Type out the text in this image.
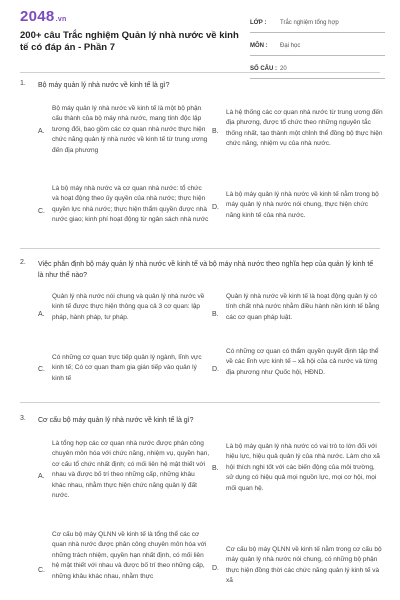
2048.vn
200+ câu Trắc nghiệm Quản lý nhà nước về kinh tế có đáp án - Phần 7
LỚP :	Trắc nghiệm tổng hợp
MÔN :	Đại học
SỐ CÂU : 20
1. Bộ máy quản lý nhà nước về kinh tế là gì?
A.
Bộ máy quản lý nhà nước về kinh tế là một bộ phận cấu thành của bộ máy nhà nước, mang tính độc lập tương đối, bao gồm các cơ quan nhà nước thực hiện chức năng quản lý nhà nước về kinh tế từ trung ương đến địa phương
B.
Là hệ thống các cơ quan nhà nước từ trung ương đến địa phương, được tổ chức theo những nguyên tắc thống nhất, tạo thành một chỉnh thể đồng bộ thực hiện chức năng, nhiệm vụ của nhà nước.
C.
Là bộ máy nhà nước và cơ quan nhà nước: tổ chức và hoạt động theo ủy quyền của nhà nước; thực hiện quyền lực nhà nước; thực hiện thẩm quyền được nhà nước giao; kinh phí hoạt động từ ngân sách nhà nước
D.
Là bộ máy quản lý nhà nước về kinh tế nằm trong bộ máy quản lý nhà nước nói chung, thực hiện chức năng kinh tế của nhà nước.
2. Việc phân định bộ máy quản lý nhà nước về kinh tế và bộ máy nhà nước theo nghĩa hẹp của quản lý kinh tế là như thế nào?
A.
Quản lý nhà nước nói chung và quản lý nhà nước về kinh tế được thực hiện thông qua cả 3 cơ quan: lập pháp, hành pháp, tư pháp.	B.
Quản lý nhà nước về kinh tế là hoạt động quản lý có tính chất nhà nước nhằm điều hành nền kinh tế bằng các cơ quan pháp luật.
C.
Có những cơ quan trực tiếp quản lý ngành, lĩnh vực kinh tế; Có cơ quan tham gia gián tiếp vào quản lý kinh tế
D.
Có những cơ quan có thẩm quyền quyết định tập thể về các lĩnh vực kinh tế – xã hội của cả nước và từng địa phương như Quốc hội, HĐND.
3. Cơ cấu bộ máy quản lý nhà nước về kinh tế là gì?
A.
Là tổng hợp các cơ quan nhà nước được phân công chuyên môn hóa với chức năng, nhiệm vụ, quyền hạn, cơ cấu tổ chức nhất định; có mối liên hệ mật thiết với nhau và được bố trí theo những cấp, những khâu khác nhau, nhằm thực hiện chức năng quản lý đất nước.
B.
Là bộ máy quản lý nhà nước có vai trò to lớn đối với hiệu lực, hiệu quả quản lý của nhà nước. Làm cho xã hội thích nghi tốt với các biến động của môi trường, sử dụng có hiệu quả mọi nguồn lực, mọi cơ hội, mọi mối quan hệ.
C.
Cơ cấu bộ máy QLNN về kinh tế là tổng thể các cơ quan nhà nước được phân công chuyên môn hóa với những trách nhiệm, quyền hạn nhất định, có mối liên hệ mật thiết với nhau và được bố trí theo những cấp, những khâu khác nhau, nhằm thực
D.
Cơ cấu bộ máy QLNN về kinh tế nằm trong cơ cấu bộ máy quản lý nhà nước nói chung, có những bộ phận thực hiện đồng thời các chức năng quản lý kinh tế và xã
